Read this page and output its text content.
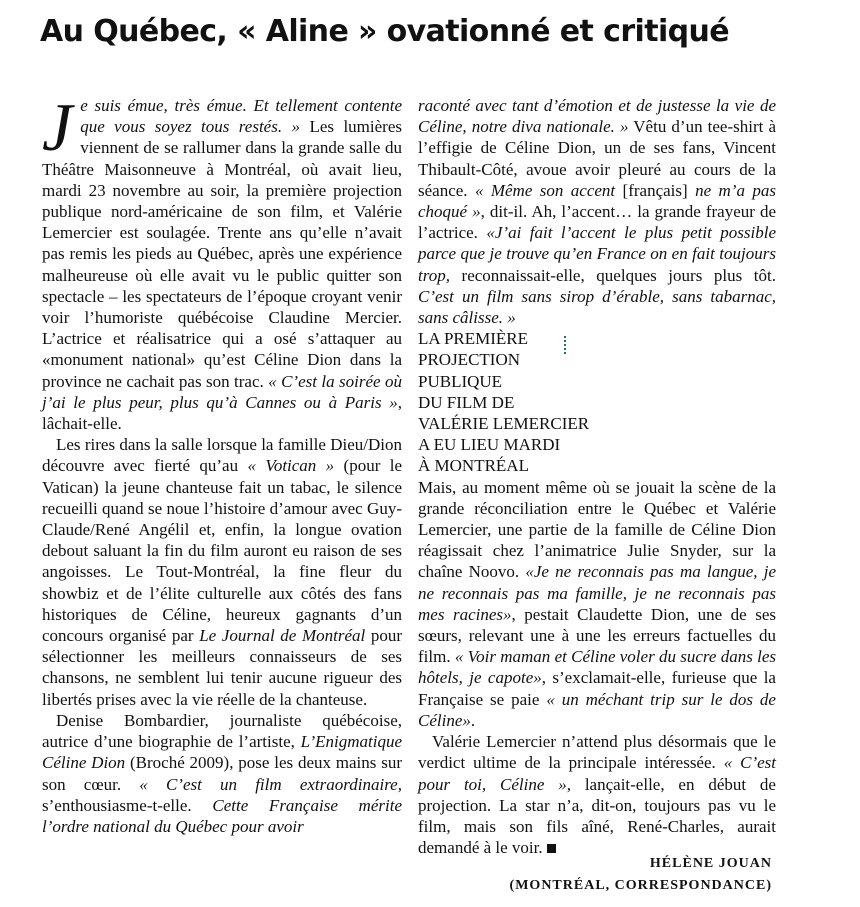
Au Québec, « Aline » ovationné et critiqué

Je suis émue, très émue. Et tellement contente que vous soyez tous restés. » Les lumières viennent de se rallumer dans la grande salle du Théâtre Maisonneuve à Montréal, où avait lieu, mardi 23 novembre au soir, la première projection publique nord-américaine de son film, et Valérie Lemercier est soulagée. Trente ans qu’elle n’avait pas remis les pieds au Québec, après une expérience malheureuse où elle avait vu le public quitter son spectacle – les spectateurs de l’époque croyant venir voir l’humoriste québécoise Claudine Mercier. L’actrice et réalisatrice qui a osé s’attaquer au «monument national» qu’est Céline Dion dans la province ne cachait pas son trac. « C’est la soirée où j’ai le plus peur, plus qu’à Cannes ou à Paris », lâchait-elle.

Les rires dans la salle lorsque la famille Dieu/Dion découvre avec fierté qu’au « Votican » (pour le Vatican) la jeune chanteuse fait un tabac, le silence recueilli quand se noue l’histoire d’amour avec Guy-Claude/René Angélil et, enfin, la longue ovation debout saluant la fin du film auront eu raison de ses angoisses. Le Tout-Montréal, la fine fleur du showbiz et de l’élite culturelle aux côtés des fans historiques de Céline, heureux gagnants d’un concours organisé par Le Journal de Montréal pour sélectionner les meilleurs connaisseurs de ses chansons, ne semblent lui tenir aucune rigueur des libertés prises avec la vie réelle de la chanteuse.

Denise Bombardier, journaliste québécoise, autrice d’une biographie de l’artiste, L’Enigmatique Céline Dion (Broché 2009), pose les deux mains sur son cœur. « C’est un film extraordinaire, s’enthousiasme-t-elle. Cette Française mérite l’ordre national du Québec pour avoir

raconté avec tant d’émotion et de justesse la vie de Céline, notre diva nationale. » Vêtu d’un tee-shirt à l’effigie de Céline Dion, un de ses fans, Vincent Thibault-Côté, avoue avoir pleuré au cours de la séance. « Même son accent [français] ne m’a pas choqué », dit-il. Ah, l’accent… la grande frayeur de l’actrice. «J’ai fait l’accent le plus petit possible parce que je trouve qu’en France on en fait toujours trop, reconnaissait-elle, quelques jours plus tôt. C’est un film sans sirop d’érable, sans tabarnac, sans câlisse. »

LA PREMIÈRE
PROJECTION
PUBLIQUE
DU FILM DE
VALÉRIE LEMERCIER
A EU LIEU MARDI
À MONTRÉAL
Mais, au moment même où se jouait la scène de la grande réconciliation entre le Québec et Valérie Lemercier, une partie de la famille de Céline Dion réagissait chez l’animatrice Julie Snyder, sur la chaîne Noovo. «Je ne reconnais pas ma langue, je ne reconnais pas ma famille, je ne reconnais pas mes racines», pestait Claudette Dion, une de ses sœurs, relevant une à une les erreurs factuelles du film. « Voir maman et Céline voler du sucre dans les hôtels, je capote», s’exclamait-elle, furieuse que la Française se paie « un méchant trip sur le dos de Céline».

Valérie Lemercier n’attend plus désormais que le verdict ultime de la principale intéressée. « C’est pour toi, Céline », lançait-elle, en début de projection. La star n’a, dit-on, toujours pas vu le film, mais son fils aîné, René-Charles, aurait demandé à le voir.

HÉLÈNE JOUAN
(MONTRÉAL, CORRESPONDANCE)
